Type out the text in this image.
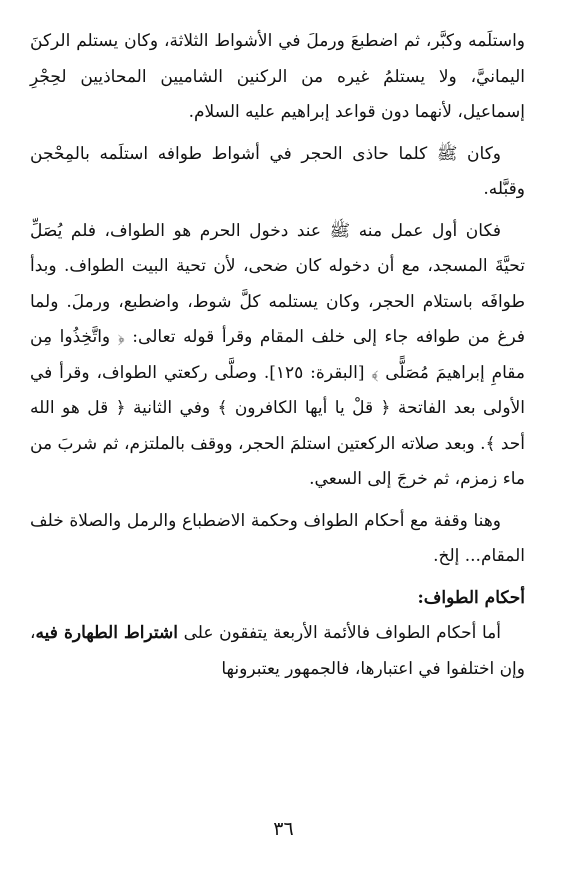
واستلَمه وكبَّر، ثم اضطبعَ ورملَ في الأشواط الثلاثة، وكان يستلم الركنَ اليمانيَّ، ولا يستلمُ غيره من الركنين الشاميين المحاذيين لحِجْرِ إسماعيل، لأنهما دون قواعد إبراهيم عليه السلام.

وكان ﷺ كلما حاذى الحجر في أشواط طوافه استلَمه بالمِحْجن وقبَّله.

فكان أول عمل منه ﷺ عند دخول الحرم هو الطواف، فلم يُصَلِّ تحيَّةَ المسجد، مع أن دخوله كان ضحى، لأن تحية البيت الطواف. وبدأ طوافَه باستلام الحجر، وكان يستلمه كلَّ شوط، واضطبع، ورملَ. ولما فرغ من طوافه جاء إلى خلف المقام وقرأ قوله تعالى: ﴿ واتَّخِذُوا مِن مقامِ إبراهيمَ مُصَلًّى ﴾ [البقرة: ١٢٥]. وصلَّى ركعتي الطواف، وقرأ في الأولى بعد الفاتحة ﴿ قلْ يا أيها الكافرون ﴾ وفي الثانية ﴿ قل هو الله أحد ﴾. وبعد صلاته الركعتين استلمَ الحجر، ووقف بالملتزم، ثم شربَ من ماء زمزم، ثم خرجَ إلى السعي.

وهنا وقفة مع أحكام الطواف وحكمة الاضطباع والرمل والصلاة خلف المقام... إلخ.

أحكام الطواف:

أما أحكام الطواف فالأئمة الأربعة يتفقون على اشتراط الطهارة فيه، وإن اختلفوا في اعتبارها، فالجمهور يعتبرونها

٣٦
